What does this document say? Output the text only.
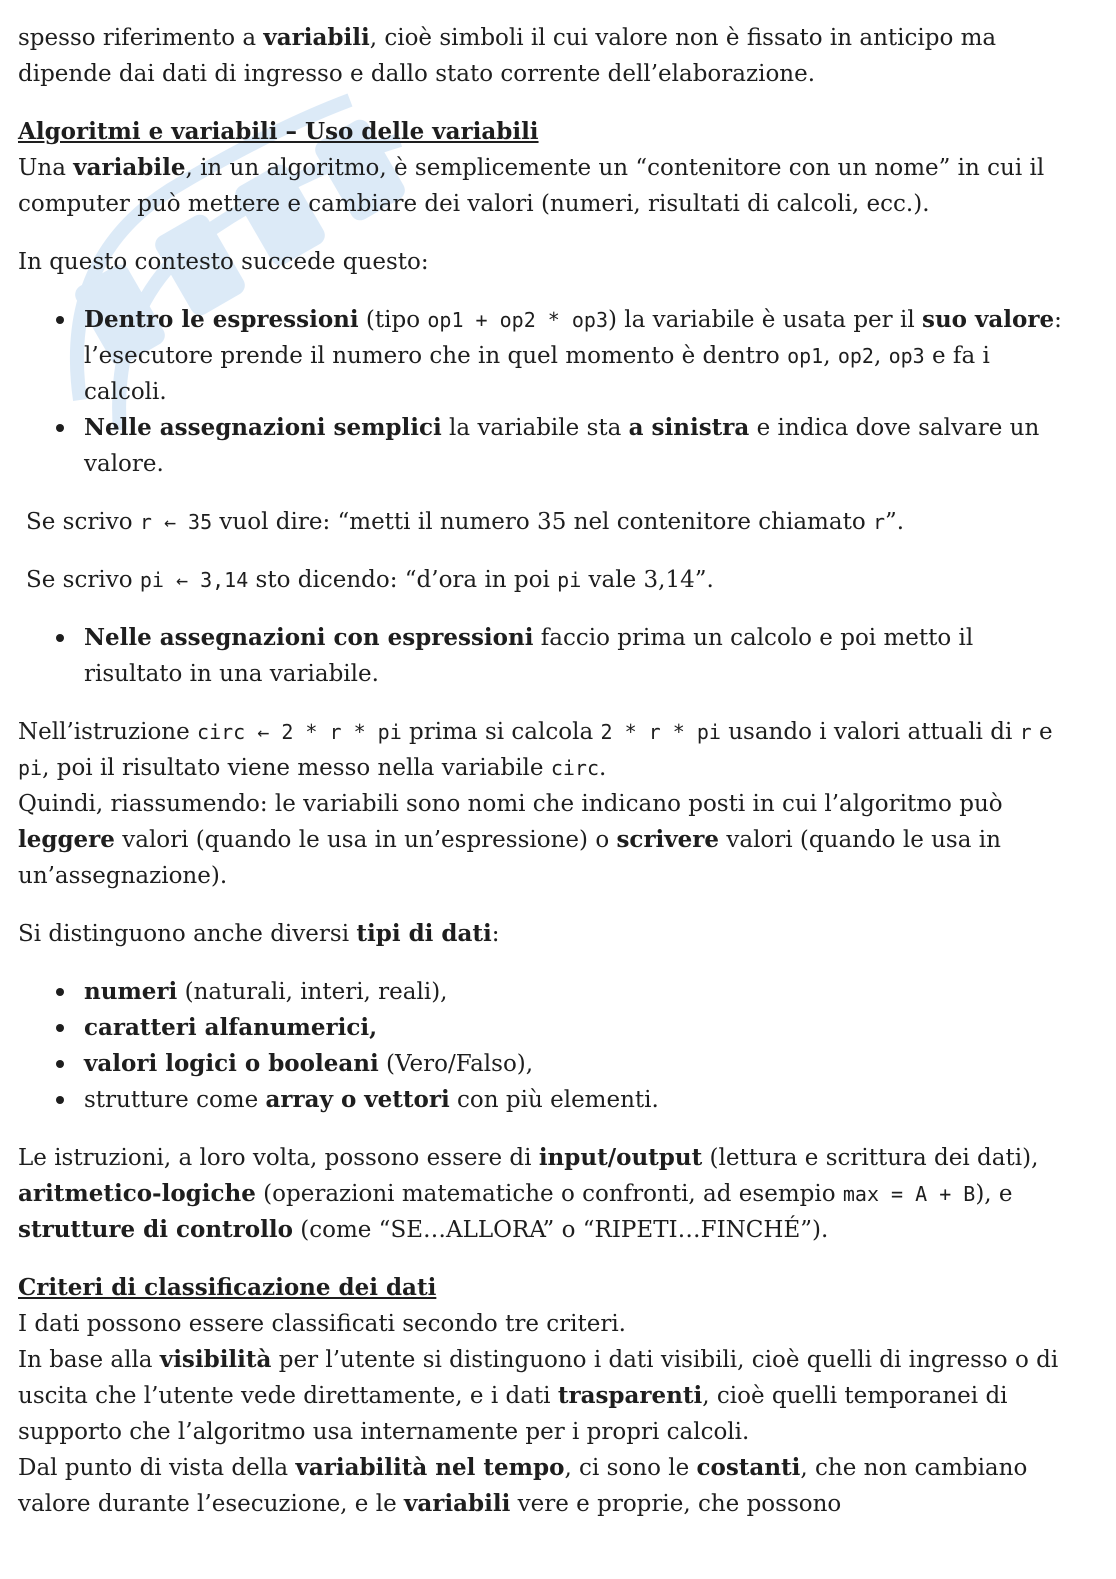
spesso riferimento a variabili, cioè simboli il cui valore non è fissato in anticipo ma dipende dai dati di ingresso e dallo stato corrente dell’elaborazione.

Algoritmi e variabili – Uso delle variabili

Una variabile, in un algoritmo, è semplicemente un “contenitore con un nome” in cui il computer può mettere e cambiare dei valori (numeri, risultati di calcoli, ecc.).

In questo contesto succede questo:

Dentro le espressioni (tipo op1 + op2 * op3) la variabile è usata per il suo valore: l’esecutore prende il numero che in quel momento è dentro op1, op2, op3 e fa i calcoli.
Nelle assegnazioni semplici la variabile sta a sinistra e indica dove salvare un valore.

Se scrivo r ← 35 vuol dire: “metti il numero 35 nel contenitore chiamato r”.

Se scrivo pi ← 3,14 sto dicendo: “d’ora in poi pi vale 3,14”.

Nelle assegnazioni con espressioni faccio prima un calcolo e poi metto il risultato in una variabile.

Nell’istruzione circ ← 2 * r * pi prima si calcola 2 * r * pi usando i valori attuali di r e pi, poi il risultato viene messo nella variabile circ.

Quindi, riassumendo: le variabili sono nomi che indicano posti in cui l’algoritmo può leggere valori (quando le usa in un’espressione) o scrivere valori (quando le usa in un’assegnazione).

Si distinguono anche diversi tipi di dati:

numeri (naturali, interi, reali),
caratteri alfanumerici,
valori logici o booleani (Vero/Falso),
strutture come array o vettori con più elementi.

Le istruzioni, a loro volta, possono essere di input/output (lettura e scrittura dei dati), aritmetico-logiche (operazioni matematiche o confronti, ad esempio max = A + B), e strutture di controllo (come “SE…ALLORA” o “RIPETI…FINCHÉ”).

Criteri di classificazione dei dati

I dati possono essere classificati secondo tre criteri.

In base alla visibilità per l’utente si distinguono i dati visibili, cioè quelli di ingresso o di uscita che l’utente vede direttamente, e i dati trasparenti, cioè quelli temporanei di supporto che l’algoritmo usa internamente per i propri calcoli.

Dal punto di vista della variabilità nel tempo, ci sono le costanti, che non cambiano valore durante l’esecuzione, e le variabili vere e proprie, che possono
